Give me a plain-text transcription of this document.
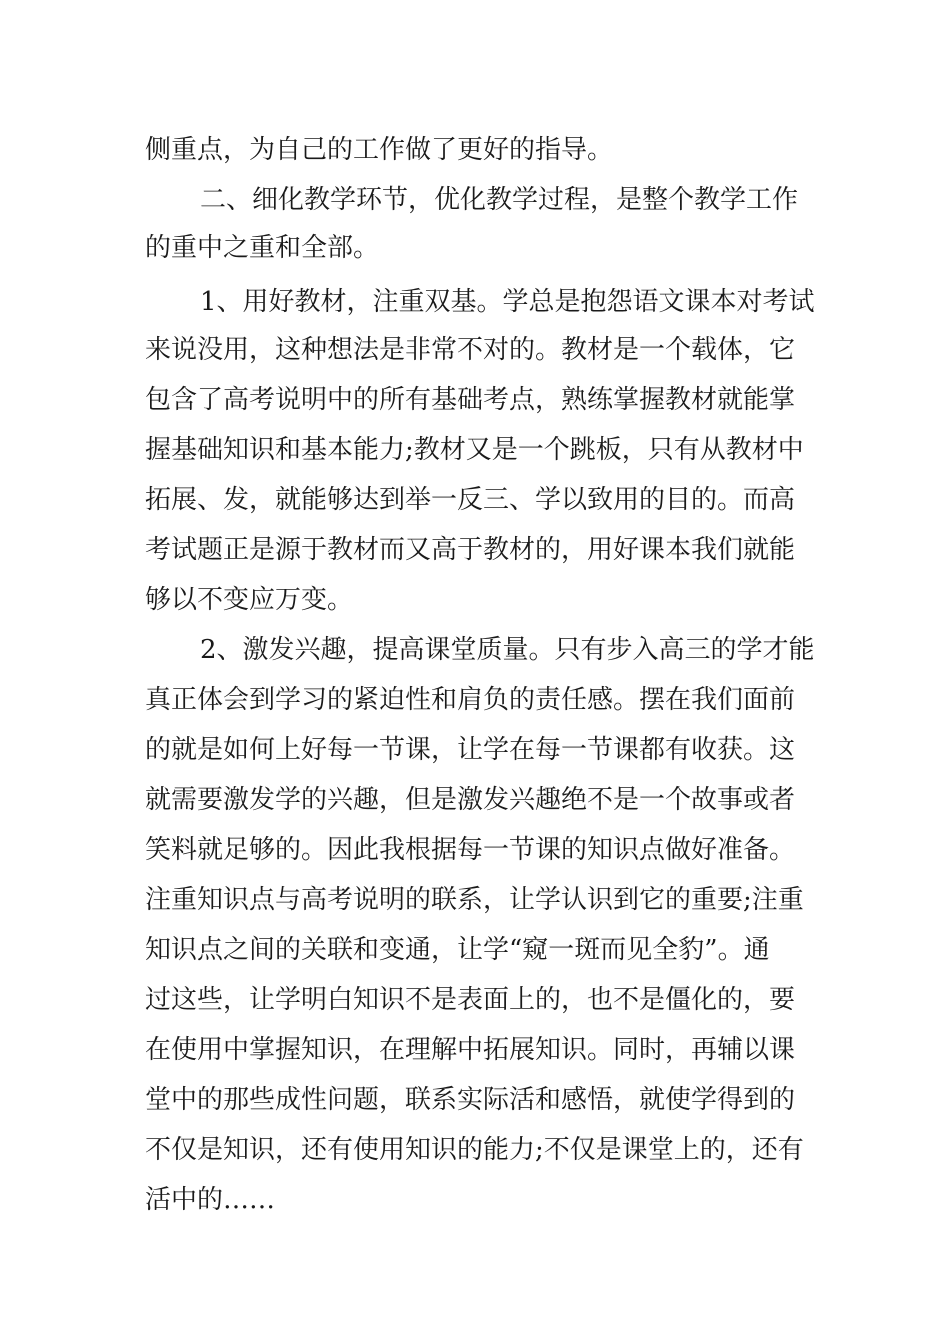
侧重点，为自己的工作做了更好的指导。
二、细化教学环节，优化教学过程，是整个教学工作
的重中之重和全部。
1、用好教材，注重双基。学总是抱怨语文课本对考试
来说没用，这种想法是非常不对的。教材是一个载体，它
包含了高考说明中的所有基础考点，熟练掌握教材就能掌
握基础知识和基本能力;教材又是一个跳板，只有从教材中
拓展、发，就能够达到举一反三、学以致用的目的。而高
考试题正是源于教材而又高于教材的，用好课本我们就能
够以不变应万变。
2、激发兴趣，提高课堂质量。只有步入高三的学才能
真正体会到学习的紧迫性和肩负的责任感。摆在我们面前
的就是如何上好每一节课，让学在每一节课都有收获。这
就需要激发学的兴趣，但是激发兴趣绝不是一个故事或者
笑料就足够的。因此我根据每一节课的知识点做好准备。
注重知识点与高考说明的联系，让学认识到它的重要;注重
知识点之间的关联和变通，让学“窥一斑而见全豹”。通
过这些，让学明白知识不是表面上的，也不是僵化的，要
在使用中掌握知识，在理解中拓展知识。同时，再辅以课
堂中的那些成性问题，联系实际活和感悟，就使学得到的
不仅是知识，还有使用知识的能力;不仅是课堂上的，还有
活中的……
